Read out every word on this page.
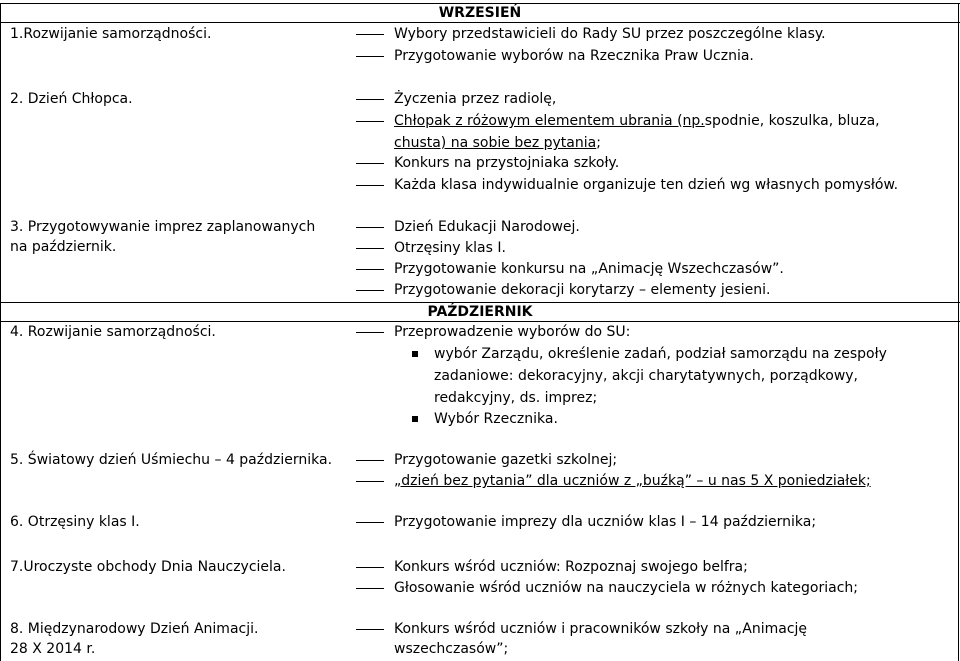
WRZESIEŃ
PAŹDZIERNIK
1.Rozwijanie samorządności.
2. Dzień Chłopca.
3. Przygotowywanie imprez zaplanowanych
na październik.
4. Rozwijanie samorządności.
5. Światowy dzień Uśmiechu – 4 października.
6. Otrzęsiny klas I.
7.Uroczyste obchody Dnia Nauczyciela.
8. Międzynarodowy Dzień Animacji.
28 X 2014 r.
Wybory przedstawicieli do Rady SU przez poszczególne klasy.
Przygotowanie wyborów na Rzecznika Praw Ucznia.
Życzenia przez radiolę,
Chłopak z różowym elementem ubrania (np.spodnie, koszulka, bluza,
chusta) na sobie bez pytania;
Konkurs na przystojniaka szkoły.
Każda klasa indywidualnie organizuje ten dzień wg własnych pomysłów.
Dzień Edukacji Narodowej.
Otrzęsiny klas I.
Przygotowanie konkursu na „Animację Wszechczasów”.
Przygotowanie dekoracji korytarzy – elementy jesieni.
Przeprowadzenie wyborów do SU:
wybór Zarządu, określenie zadań, podział samorządu na zespoły
zadaniowe: dekoracyjny, akcji charytatywnych, porządkowy,
redakcyjny, ds. imprez;
Wybór Rzecznika.
Przygotowanie gazetki szkolnej;
„dzień bez pytania” dla uczniów z „buźką” – u nas 5 X poniedziałek;
Przygotowanie imprezy dla uczniów klas I – 14 października;
Konkurs wśród uczniów: Rozpoznaj swojego belfra;
Głosowanie wśród uczniów na nauczyciela w różnych kategoriach;
Konkurs wśród uczniów i pracowników szkoły na „Animację
wszechczasów”;
